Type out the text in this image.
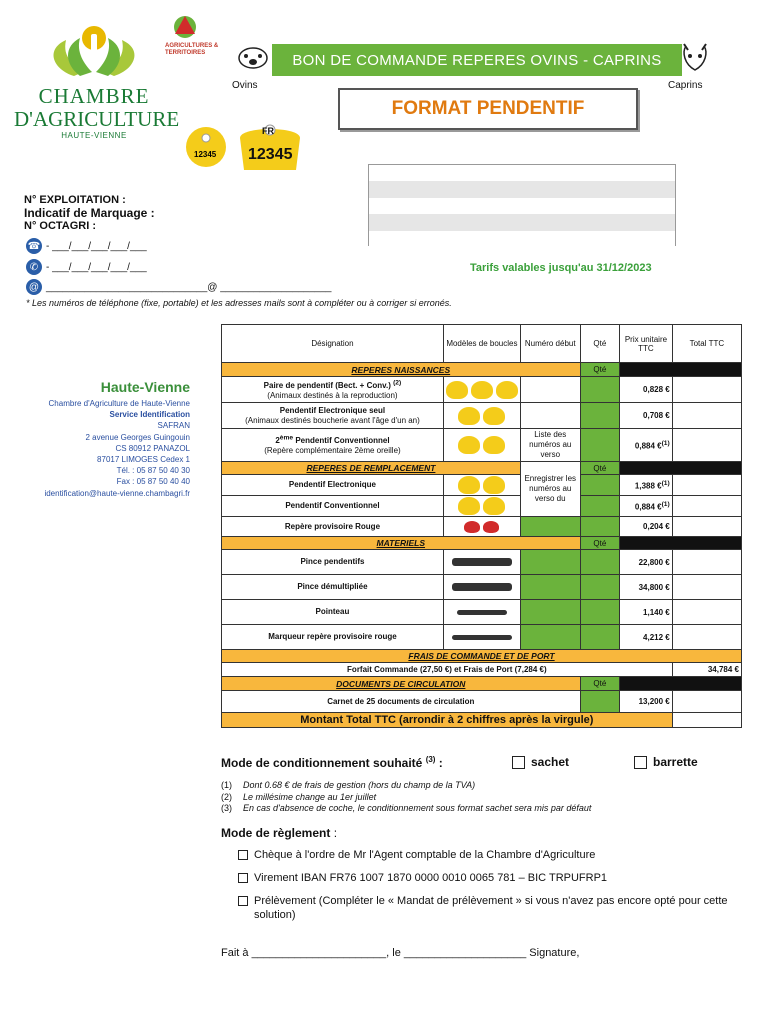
CHAMBRE
D'AGRICULTURE
HAUTE-VIENNE
AGRICULTURES & TERRITOIRES	BON DE COMMANDE REPERES OVINS - CAPRINS
Ovins	Caprins
FORMAT PENDENTIF
12345
FR
12345
N° EXPLOITATION :
Indicatif de Marquage :
N° OCTAGRI :
☎ - ___/___/___/___/___
✆ - ___/___/___/___/___
@ _____________________________@ ____________________
Tarifs valables jusqu'au 31/12/2023
* Les numéros de téléphone (fixe, portable) et les adresses mails sont à compléter ou à corriger si erronés.
Haute-Vienne
Chambre d'Agriculture de Haute-Vienne
Service Identification
SAFRAN
2 avenue Georges Guingouin
CS 80912 PANAZOL
87017 LIMOGES Cedex 1
Tél. : 05 87 50 40 30
Fax : 05 87 50 40 40
identification@haute-vienne.chambagri.fr
Désignation	Modèles de boucles	Numéro début	Qté	Prix unitaire TTC	Total TTC
REPERES NAISSANCES			Qté		
Paire de pendentif (Bect. + Conv.) $^{(2)}$
(Animaux destinés à la reproduction)				0,828 €	
Pendentif Electronique seul
(Animaux destinés boucherie avant l'âge d'un an)				0,708 €	
2ème Pendentif Conventionnel
(Repère complémentaire 2ème oreille)		Liste des numéros au verso		0,884 €$^{(1)}$	
REPERES DE REMPLACEMENT		Enregistrer les numéros au verso du	Qté		
Pendentif Electronique				1,388 €$^{(1)}$	
Pendentif Conventionnel				0,884 €$^{(1)}$	
Repère provisoire Rouge				0,204 €	
MATERIELS			Qté		
Pince pendentifs				22,800 €	
Pince démultipliée				34,800 €	
Pointeau				1,140 €	
Marqueur repère provisoire rouge				4,212 €	
FRAIS DE COMMANDE ET DE PORT					
Forfait Commande (27,50 €) et Frais de Port (7,284 €)					34,784 €
DOCUMENTS DE CIRCULATION			Qté		
Carnet de 25 documents de circulation				13,200 €	
Montant Total TTC (arrondir à 2 chiffres après la virgule)					
Mode de conditionnement souhaité $^{(3)}$ :	sachet	barrette
(1) Dont 0.68 € de frais de gestion (hors du champ de la TVA)
(2) Le millésime change au 1er juillet
(3) En cas d'absence de coche, le conditionnement sous format sachet sera mis par défaut
Mode de règlement :
Chèque à l'ordre de Mr l'Agent comptable de la Chambre d'Agriculture
Virement IBAN FR76 1007 1870 0000 0010 0065 781 – BIC TRPUFRP1
Prélèvement (Compléter le « Mandat de prélèvement » si vous n'avez pas encore opté pour cette solution)
Fait à ______________________, le ____________________ Signature,
